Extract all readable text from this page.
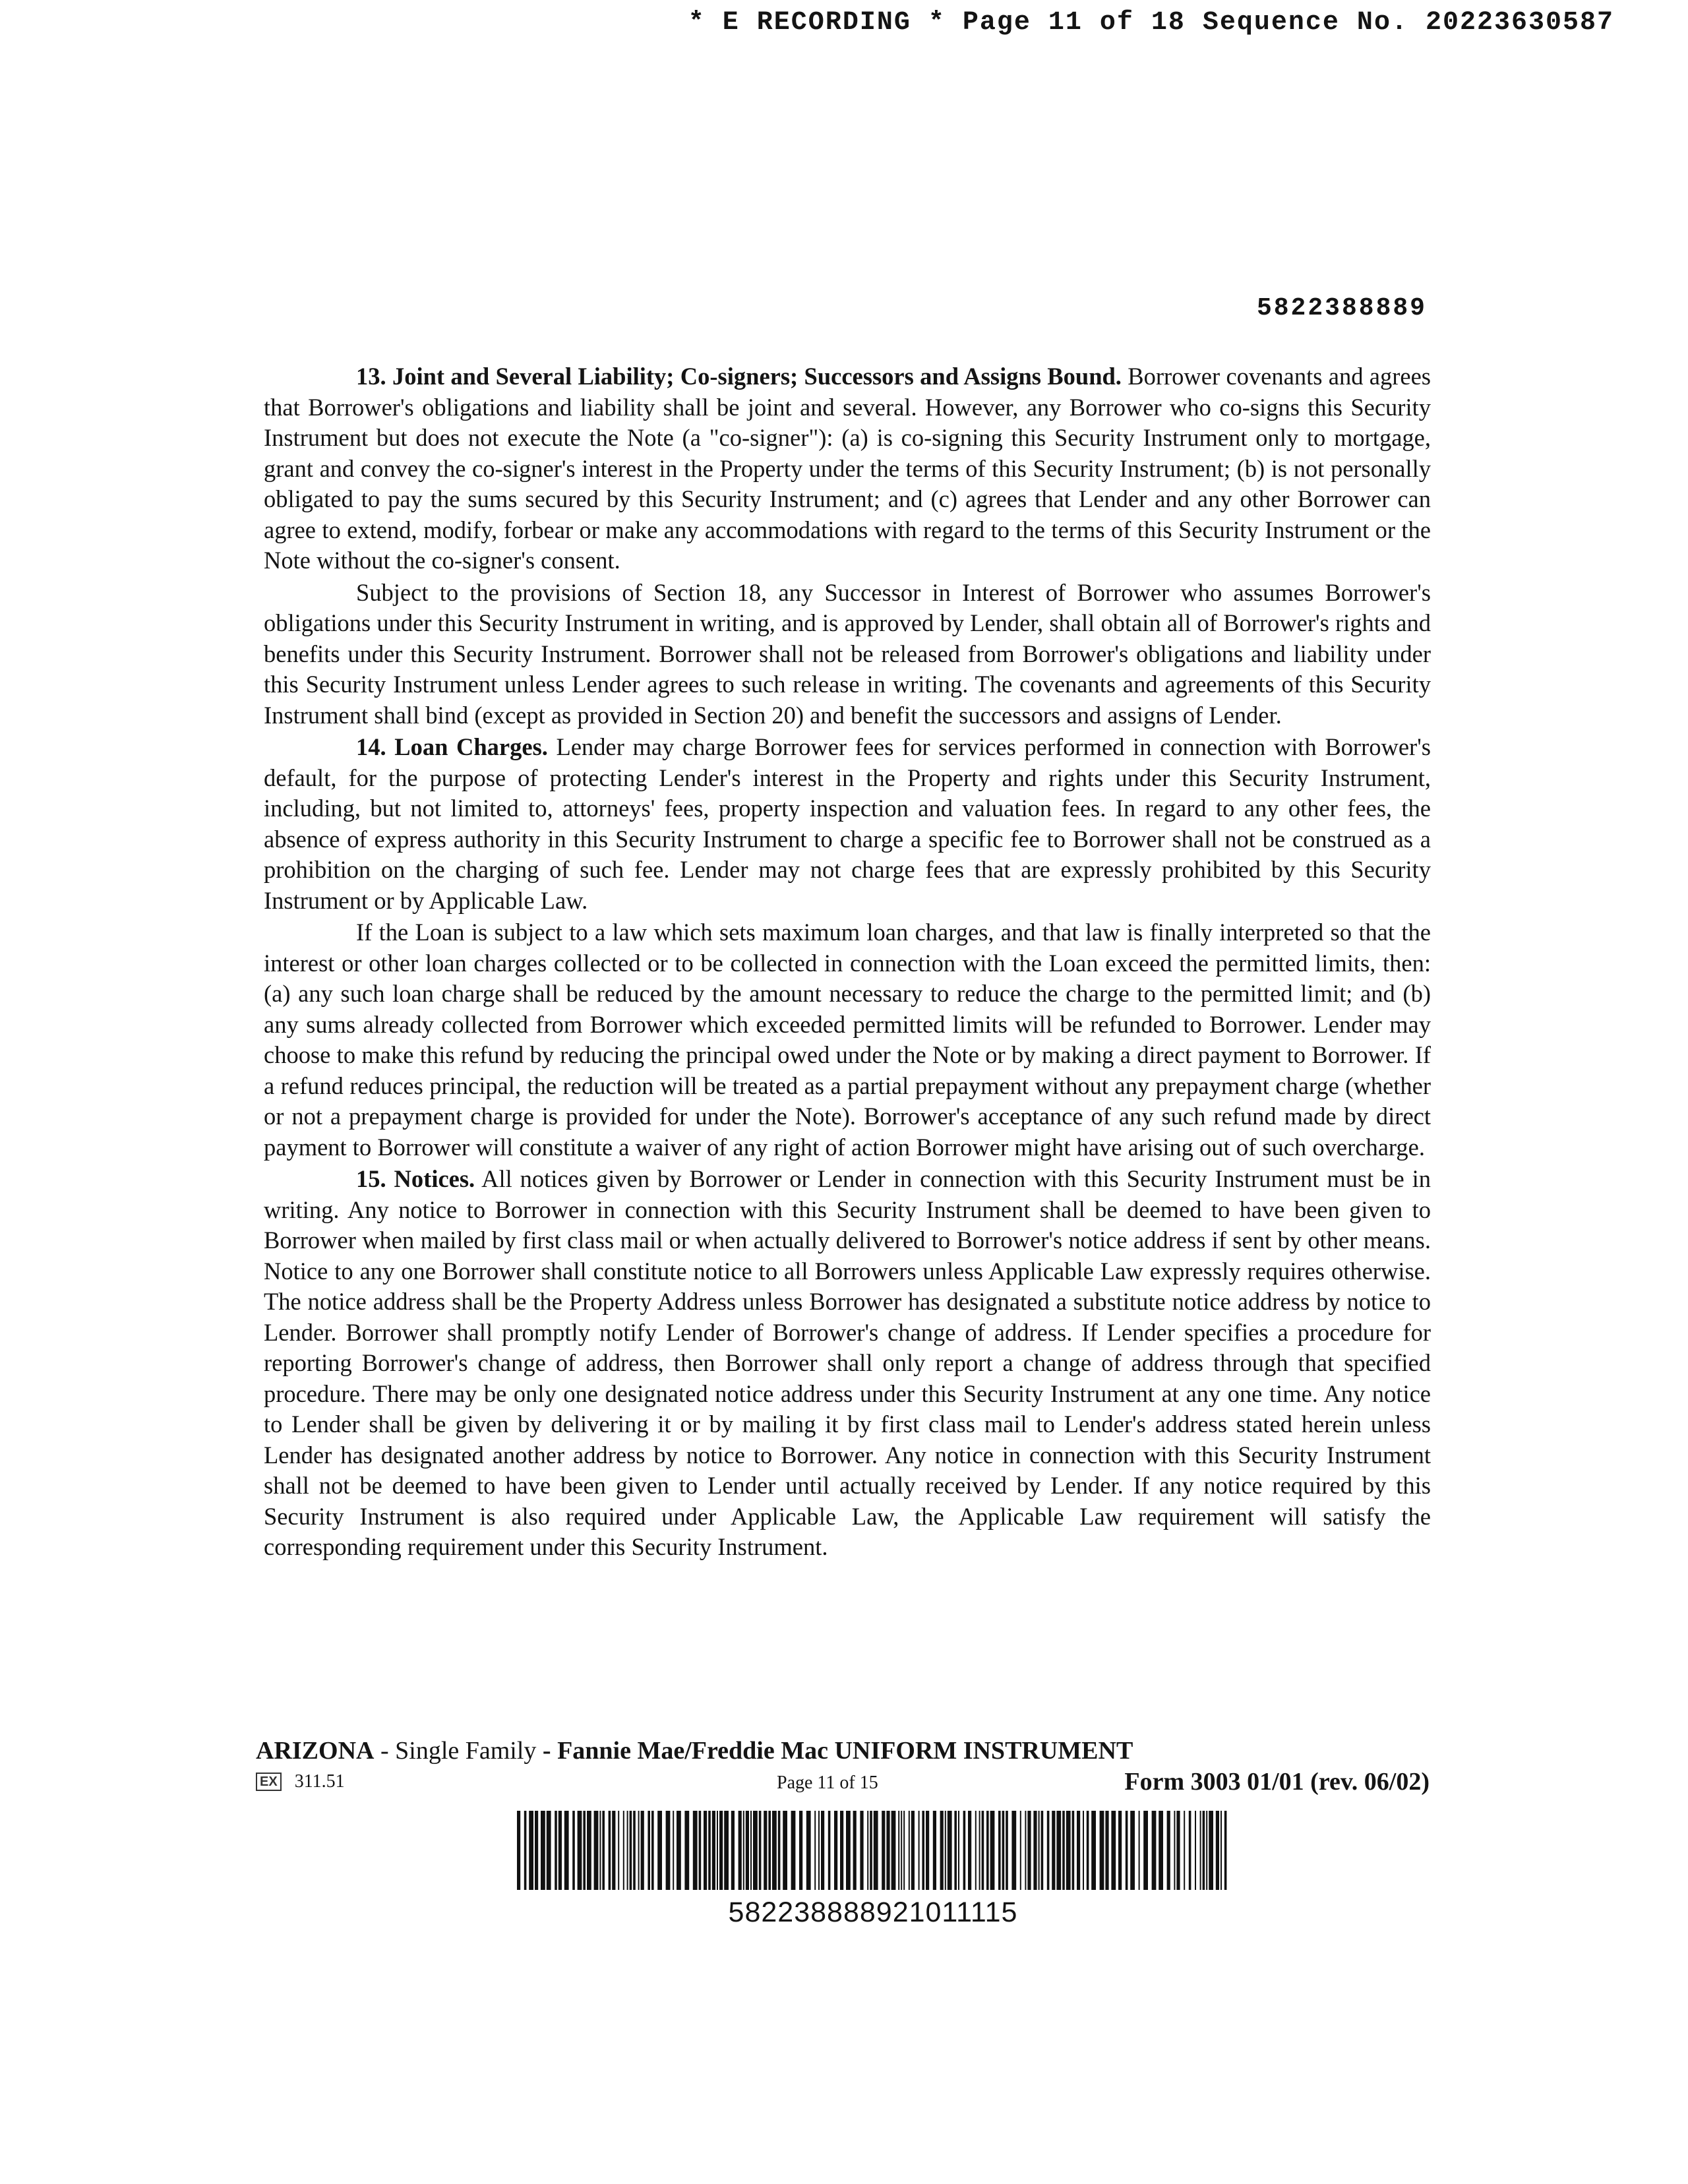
* E RECORDING * Page 11 of 18 Sequence No. 20223630587
5822388889

13. Joint and Several Liability; Co-signers; Successors and Assigns Bound. Borrower covenants and agrees that Borrower's obligations and liability shall be joint and several. However, any Borrower who co-signs this Security Instrument but does not execute the Note (a "co-signer"): (a) is co-signing this Security Instrument only to mortgage, grant and convey the co-signer's interest in the Property under the terms of this Security Instrument; (b) is not personally obligated to pay the sums secured by this Security Instrument; and (c) agrees that Lender and any other Borrower can agree to extend, modify, forbear or make any accommodations with regard to the terms of this Security Instrument or the Note without the co-signer's consent.

Subject to the provisions of Section 18, any Successor in Interest of Borrower who assumes Borrower's obligations under this Security Instrument in writing, and is approved by Lender, shall obtain all of Borrower's rights and benefits under this Security Instrument. Borrower shall not be released from Borrower's obligations and liability under this Security Instrument unless Lender agrees to such release in writing. The covenants and agreements of this Security Instrument shall bind (except as provided in Section 20) and benefit the successors and assigns of Lender.

14. Loan Charges. Lender may charge Borrower fees for services performed in connection with Borrower's default, for the purpose of protecting Lender's interest in the Property and rights under this Security Instrument, including, but not limited to, attorneys' fees, property inspection and valuation fees. In regard to any other fees, the absence of express authority in this Security Instrument to charge a specific fee to Borrower shall not be construed as a prohibition on the charging of such fee. Lender may not charge fees that are expressly prohibited by this Security Instrument or by Applicable Law.

If the Loan is subject to a law which sets maximum loan charges, and that law is finally interpreted so that the interest or other loan charges collected or to be collected in connection with the Loan exceed the permitted limits, then: (a) any such loan charge shall be reduced by the amount necessary to reduce the charge to the permitted limit; and (b) any sums already collected from Borrower which exceeded permitted limits will be refunded to Borrower. Lender may choose to make this refund by reducing the principal owed under the Note or by making a direct payment to Borrower. If a refund reduces principal, the reduction will be treated as a partial prepayment without any prepayment charge (whether or not a prepayment charge is provided for under the Note). Borrower's acceptance of any such refund made by direct payment to Borrower will constitute a waiver of any right of action Borrower might have arising out of such overcharge.

15. Notices. All notices given by Borrower or Lender in connection with this Security Instrument must be in writing. Any notice to Borrower in connection with this Security Instrument shall be deemed to have been given to Borrower when mailed by first class mail or when actually delivered to Borrower's notice address if sent by other means. Notice to any one Borrower shall constitute notice to all Borrowers unless Applicable Law expressly requires otherwise. The notice address shall be the Property Address unless Borrower has designated a substitute notice address by notice to Lender. Borrower shall promptly notify Lender of Borrower's change of address. If Lender specifies a procedure for reporting Borrower's change of address, then Borrower shall only report a change of address through that specified procedure. There may be only one designated notice address under this Security Instrument at any one time. Any notice to Lender shall be given by delivering it or by mailing it by first class mail to Lender's address stated herein unless Lender has designated another address by notice to Borrower. Any notice in connection with this Security Instrument shall not be deemed to have been given to Lender until actually received by Lender. If any notice required by this Security Instrument is also required under Applicable Law, the Applicable Law requirement will satisfy the corresponding requirement under this Security Instrument.

ARIZONA - Single Family - Fannie Mae/Freddie Mac UNIFORM INSTRUMENT
EX 311.51	Page 11 of 15	Form 3003 01/01 (rev. 06/02)
582238888921011115
